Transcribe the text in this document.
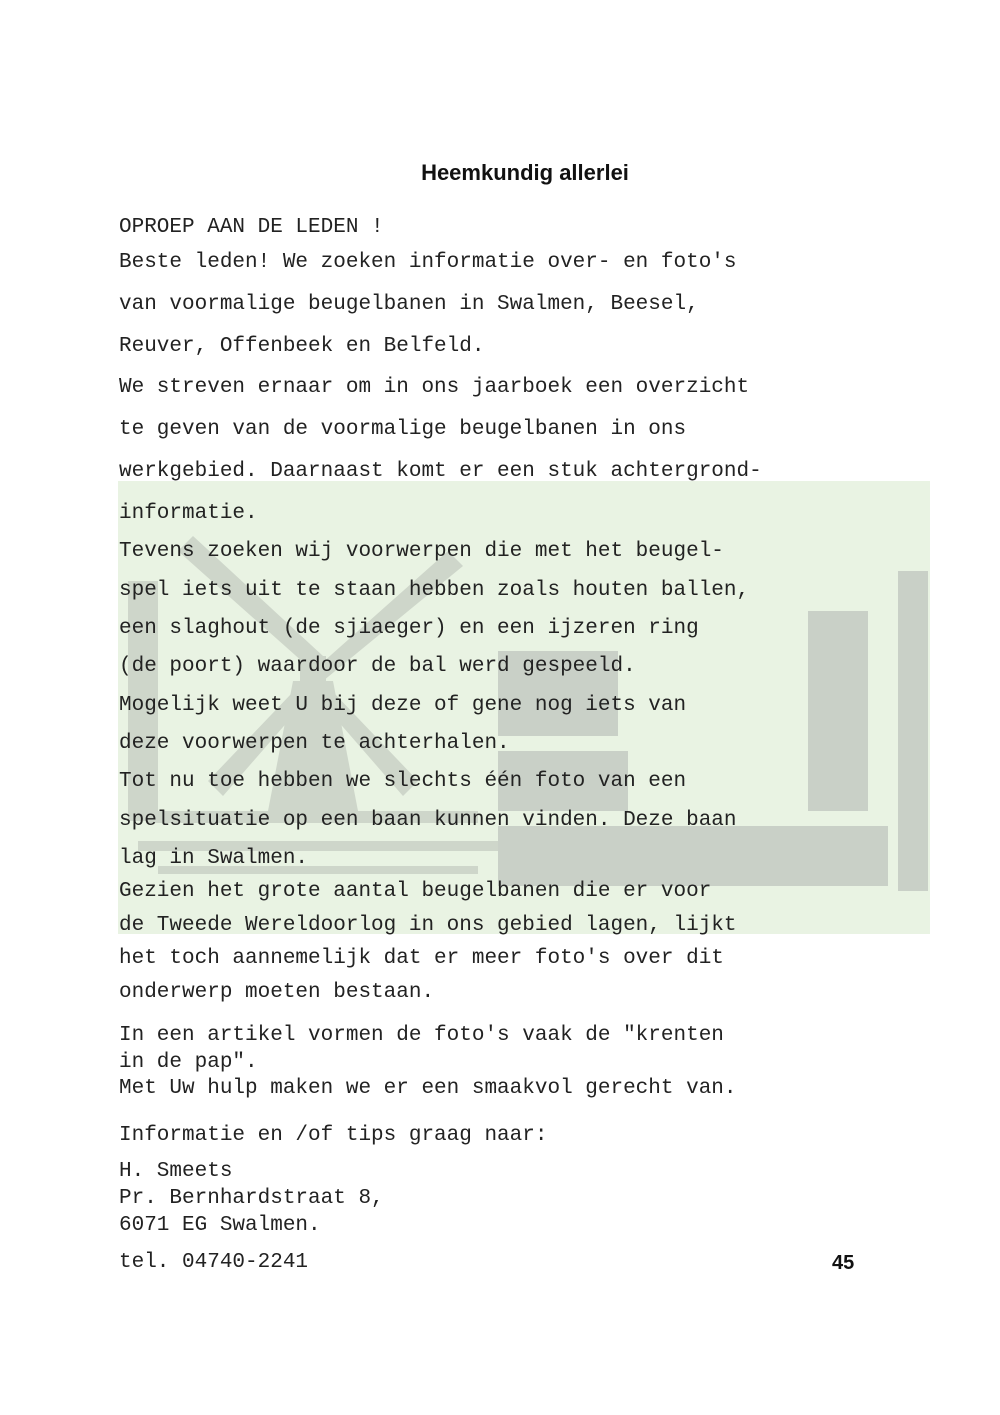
Heemkundig allerlei
OPROEP AAN DE LEDEN !
Beste leden! We zoeken informatie over- en foto's
van voormalige beugelbanen in Swalmen, Beesel,
Reuver, Offenbeek en Belfeld.
We streven ernaar om in ons jaarboek een overzicht
te geven van de voormalige beugelbanen in ons
werkgebied. Daarnaast komt er een stuk achtergrond-
informatie.
Tevens zoeken wij voorwerpen die met het beugel-
spel iets uit te staan hebben zoals houten ballen,
een slaghout (de sjiaeger) en een ijzeren ring
(de poort) waardoor de bal werd gespeeld.
Mogelijk weet U bij deze of gene nog iets van
deze voorwerpen te achterhalen.
Tot nu toe hebben we slechts één foto van een
spelsituatie op een baan kunnen vinden. Deze baan
lag in Swalmen.
Gezien het grote aantal beugelbanen die er voor
de Tweede Wereldoorlog in ons gebied lagen, lijkt
het toch aannemelijk dat er meer foto's over dit
onderwerp moeten bestaan.
In een artikel vormen de foto's vaak de "krenten
in de pap".
Met Uw hulp maken we er een smaakvol gerecht van.
Informatie en /of tips graag naar:
H. Smeets
Pr. Bernhardstraat 8,
6071 EG Swalmen.
tel. 04740-2241	45
